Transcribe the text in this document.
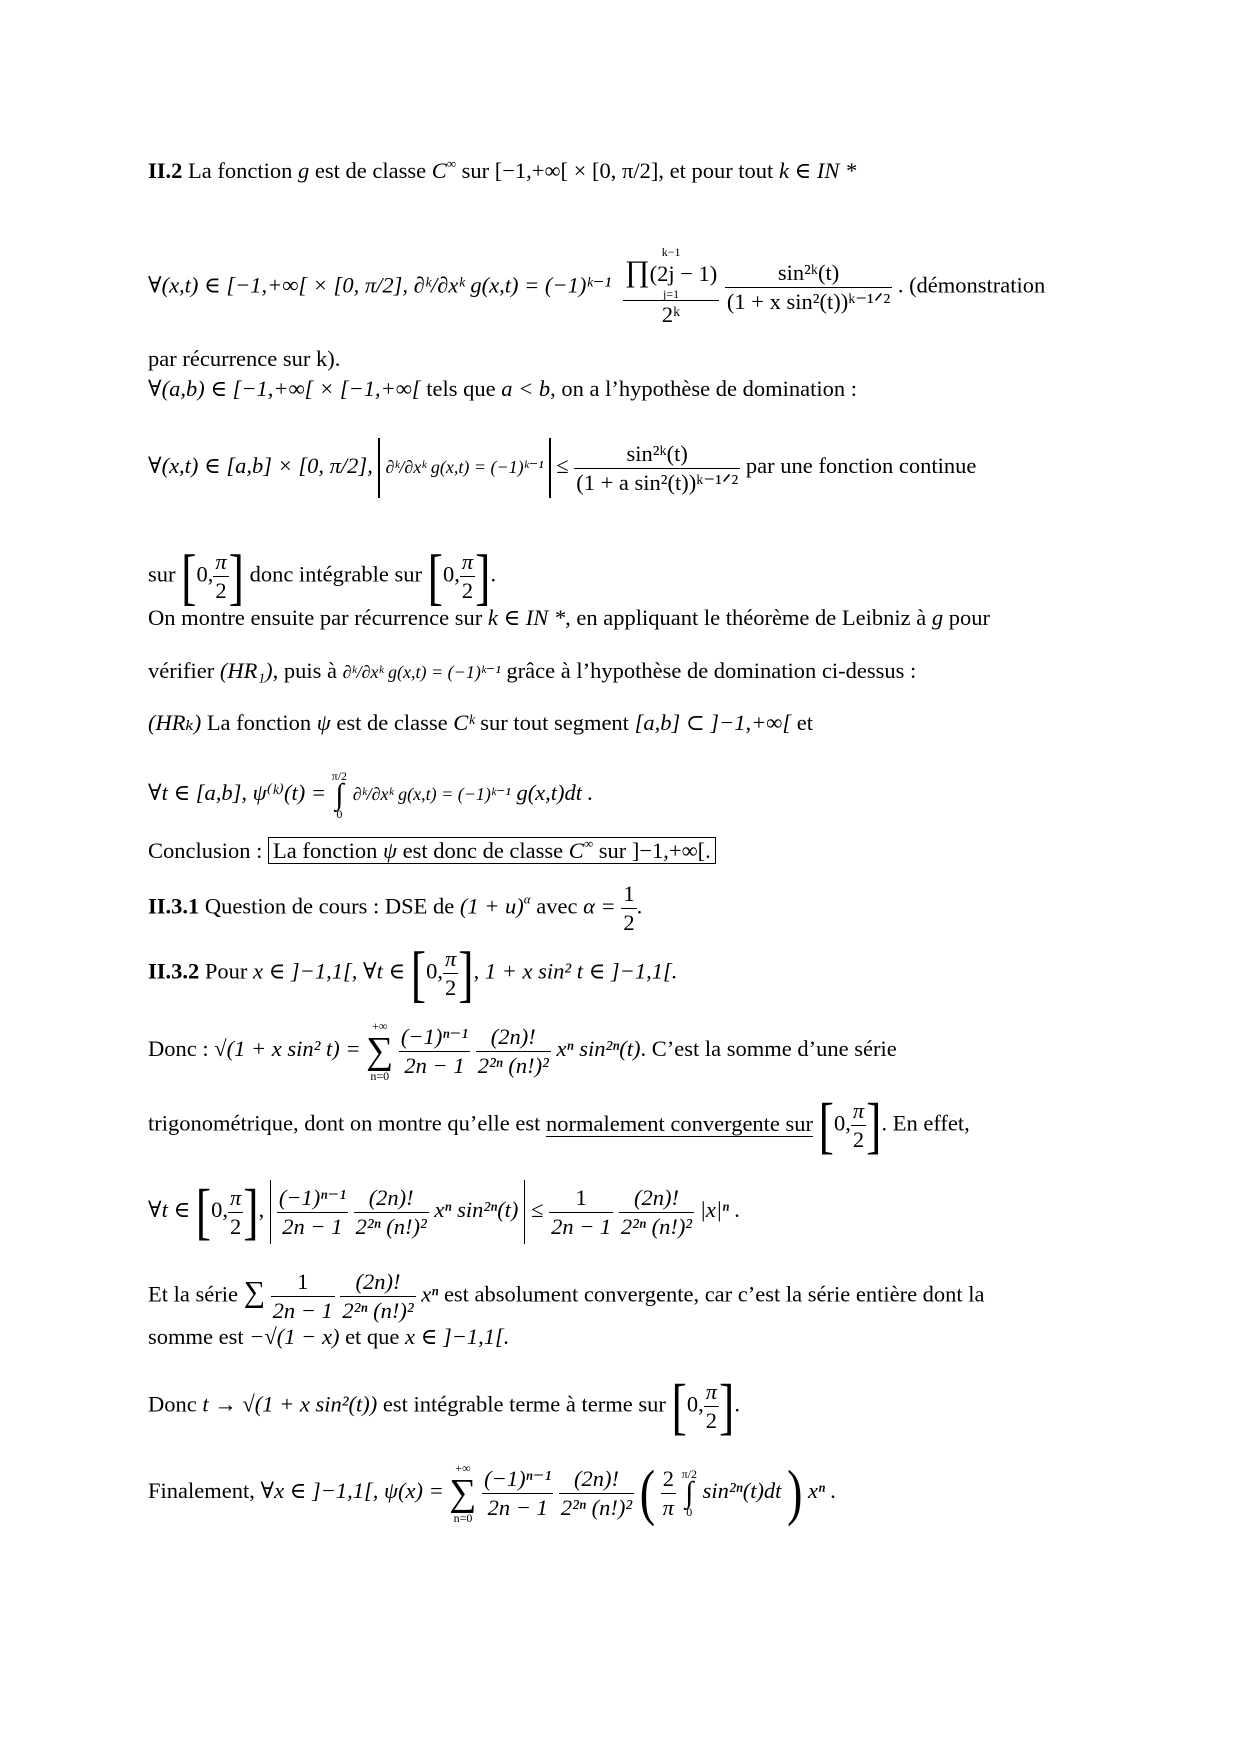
II.2 La fonction g est de classe C∞ sur [−1,+∞[ × [0, π/2], et pour tout k ∈ IN *
∀(x,t) ∈ [−1,+∞[ × [0, π/2], ∂ᵏ/∂xᵏ g(x,t) = (−1)ᵏ⁻¹
k−1
∏(2j − 1)
j=1
2ᵏ
	$\frac{\text{sin²ᵏ(t)}}{\text{(1 + x sin²(t))ᵏ⁻¹ᐟ²}}$ . (démonstration
par récurrence sur k).
∀(a,b) ∈ [−1,+∞[ × [−1,+∞[ tels que a < b, on a l’hypothèse de domination :
∀(x,t) ∈ [a,b] × [0, π/2], ∂ᵏ/∂xᵏ g(x,t) = (−1)ᵏ⁻¹ ≤ $\frac{\text{sin²ᵏ(t)}}{\text{(1 + a sin²(t))ᵏ⁻¹ᐟ²}}$ par une fonction continue
sur [0, $\frac{\pi}{2}$ ] donc intégrable sur [0, $\frac{\pi}{2}$ ].
On montre ensuite par récurrence sur k ∈ IN *, en appliquant le théorème de Leibniz à g pour
vérifier (HR₁), puis à ∂ᵏ/∂xᵏ g(x,t) = (−1)ᵏ⁻¹ grâce à l’hypothèse de domination ci-dessus :
(HRₖ) La fonction ψ est de classe Cᵏ sur tout segment [a,b] ⊂ ]−1,+∞[ et
∀t ∈ [a,b], ψ⁽ᵏ⁾(t) =
π/2
∫
0
∂ᵏ/∂xᵏ g(x,t) = (−1)ᵏ⁻¹ g(x,t)dt .
Conclusion : La fonction ψ est donc de classe C∞ sur ]−1,+∞[.
II.3.1 Question de cours : DSE de $(1 + u)^\alpha$ avec $\alpha = \frac{1}{2}$ .
II.3.2 Pour x ∈ ]−1,1[, ∀t ∈ [0, $\frac{\pi}{2}$ ], 1 + x sin² t ∈ ]−1,1[.
Donc : √(1 + x sin² t) =
+∞
∑
n=0
$\frac{\text{(−1)ⁿ⁻¹}}{2n - 1}$
$\frac{(2n)!}{\text{2²ⁿ (n!)²}}$ xⁿ sin²ⁿ(t). C’est la somme d’une série
trigonométrique, dont on montre qu’elle est normalement convergente sur [0, $\frac{\pi}{2}$ ]. En effet,
∀t ∈ [0, $\frac{\pi}{2}$ ], $\frac{\text{(−1)ⁿ⁻¹}}{2n - 1}$
$\frac{(2n)!}{\text{2²ⁿ (n!)²}}$ xⁿ $\sin^{2n}(t) \le \frac{1}{2n - 1}$
$\frac{(2n)!}{\text{2²ⁿ (n!)²}} |x|^n$ .
Et la série ∑ $\frac{1}{2n - 1}$
$\frac{(2n)!}{\text{2²ⁿ (n!)²}}$ xⁿ est absolument convergente, car c’est la série entière dont la
somme est −√(1 − x) et que x ∈ ]−1,1[.
Donc t → √(1 + x sin²(t)) est intégrable terme à terme sur [0, $\frac{\pi}{2}$ ].
Finalement, ∀x ∈ ]−1,1[, ψ(x) =
+∞
∑
n=0
$\frac{\text{(−1)ⁿ⁻¹}}{2n - 1}$
$\frac{(2n)!}{\text{2²ⁿ (n!)²}}$ ( $\frac{2}{\pi}$
π/2
∫
0
sin²ⁿ(t)dt ) xⁿ .
